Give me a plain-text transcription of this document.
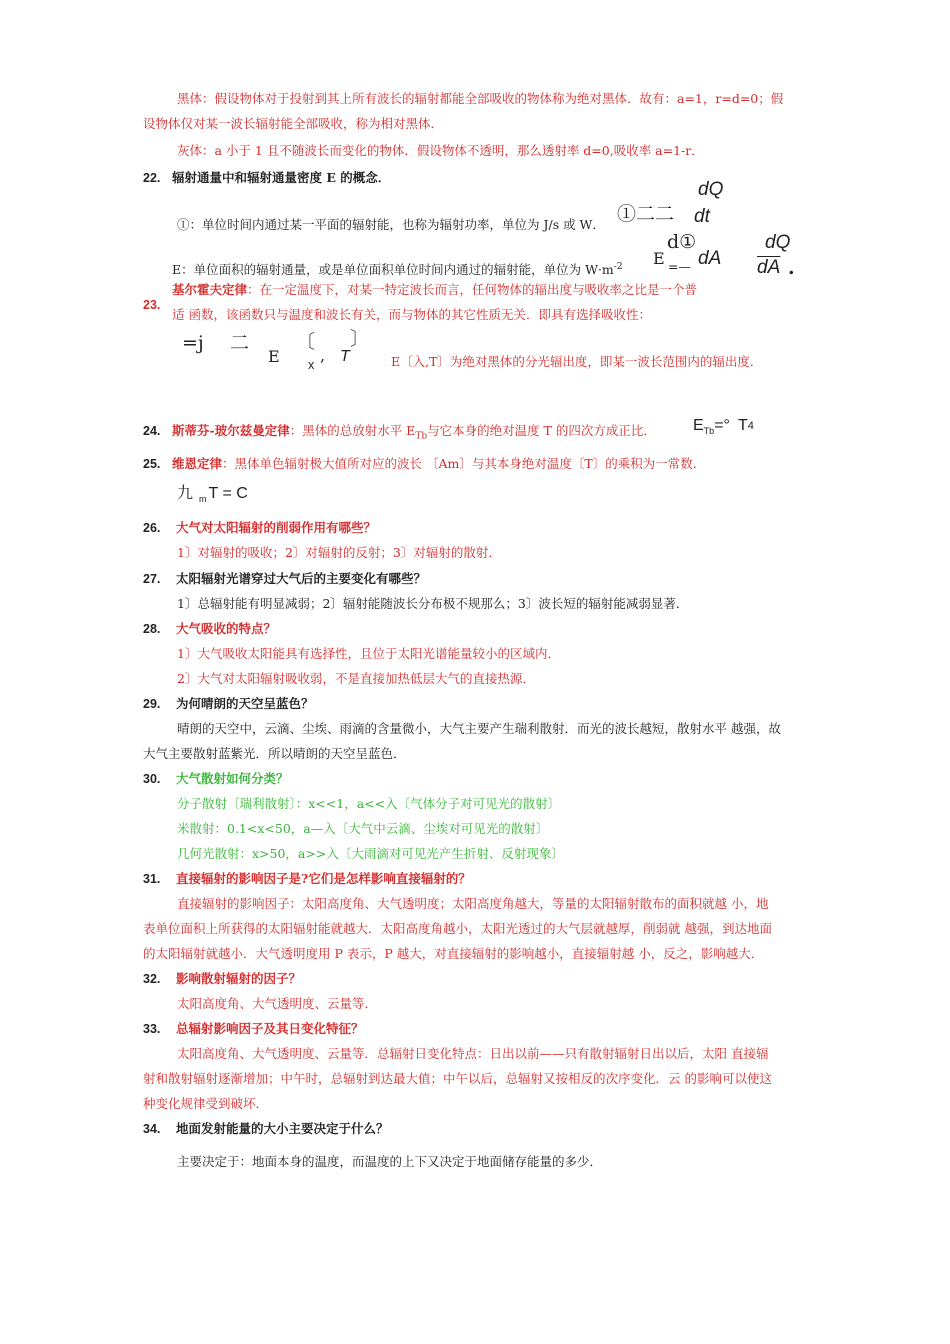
黑体：假设物体对于投射到其上所有波长的辐射都能全部吸收的物体称为绝对黑体．故有：a=1，r=d=0；假
设物体仅对某一波长辐射能全部吸收，称为相对黑体．
灰体：a 小于 1 且不随波长而变化的物体．假设物体不透明，那么透射率 d=0,吸收率 a=1-r．
22. 辐射通量中和辐射通量密度 E 的概念．
dQ
①：单位时间内通过某一平面的辐射能，也称为辐射功率，单位为 J/s 或 W． ①二二 dt
d①	dQ
E：单位面积的辐射通量，或是单位面积单位时间内通过的辐射能，单位为 $W\cdot m^{-2}$ E =— dA $\overline{dA}$ .
基尔霍夫定律：在一定温度下，对某一特定波长而言，任何物体的辐出度与吸收率之比是一个普
23.
适 函数，该函数只与温度和波长有关，而与物体的其它性质无关．即具有选择吸收性：
=j 二
E
〔
x , T
〕
E〔入,T〕为绝对黑体的分光辐出度，即某一波长范围内的辐出度．
24. 斯蒂芬-玻尔兹曼定律：黑体的总放射水平 $E_{Tb}$与它本身的绝对温度 T 的四次方成正比． $E_{Tb}=^\circ$ $T^4$
25. 维恩定律：黑体单色辐射极大值所对应的波长 〔Am〕与其本身绝对温度〔T〕的乘积为一常数．
九 $_m$ T = C
26. 大气对太阳辐射的削弱作用有哪些？
1〕对辐射的吸收；2〕对辐射的反射；3〕对辐射的散射．
27. 太阳辐射光谱穿过大气后的主要变化有哪些？
1〕总辐射能有明显减弱；2〕辐射能随波长分布极不规那么；3〕波长短的辐射能减弱显著．
28. 大气吸收的特点？
1〕大气吸收太阳能具有选择性，且位于太阳光谱能量较小的区域内．
2〕大气对太阳辐射吸收弱，不是直接加热低层大气的直接热源．
29. 为何晴朗的天空呈蓝色？
晴朗的天空中，云滴、尘埃、雨滴的含量微小，大气主要产生瑞利散射．而光的波长越短，散射水平 越强，故
大气主要散射蓝紫光．所以晴朗的天空呈蓝色．
30. 大气散射如何分类？
分子散射〔瑞利散射〕：x<<1，a<<入〔气体分子对可见光的散射〕
米散射：0.1<x<50，a—入〔大气中云滴、尘埃对可见光的散射〕
几何光散射：x>50，a>>入〔大雨滴对可见光产生折射、反射现象〕
31. 直接辐射的影响因子是?它们是怎样影响直接辐射的？
直接辐射的影响因子：太阳高度角、大气透明度；太阳高度角越大，等量的太阳辐射散布的面积就越 小，地
表单位面积上所获得的太阳辐射能就越大．太阳高度角越小，太阳光透过的大气层就越厚，削弱就 越强，到达地面
的太阳辐射就越小．大气透明度用 P 表示，P 越大，对直接辐射的影响越小，直接辐射越 小，反之，影响越大．
32. 影响散射辐射的因子？
太阳高度角、大气透明度、云量等．
33. 总辐射影响因子及其日变化特征？
太阳高度角、大气透明度、云量等．总辐射日变化特点：日出以前——只有散射辐射日出以后，太阳 直接辐
射和散射辐射逐渐增加；中午时，总辐射到达最大值；中午以后，总辐射又按相反的次序变化．云 的影响可以使这
种变化规律受到破坏．
34. 地面发射能量的大小主要决定于什么？
主要决定于：地面本身的温度，而温度的上下又决定于地面储存能量的多少．
